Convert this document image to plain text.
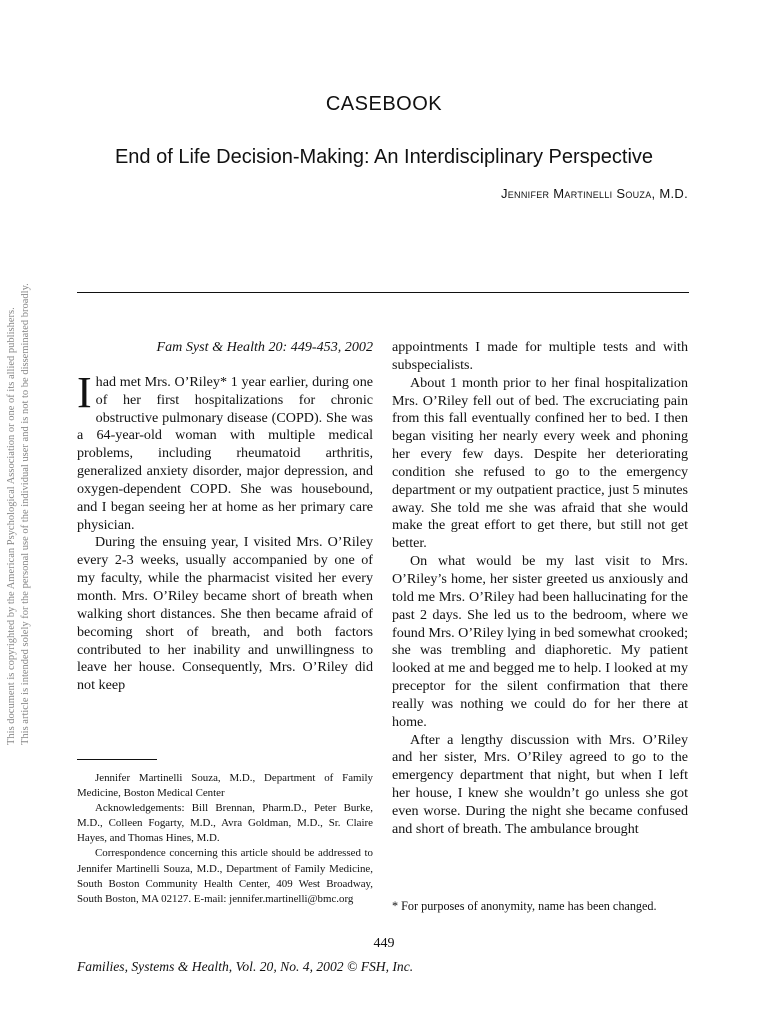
This document is copyrighted by the American Psychological Association or one of its allied publishers. This article is intended solely for the personal use of the individual user and is not to be disseminated broadly.
CASEBOOK
End of Life Decision-Making: An Interdisciplinary Perspective
Jennifer Martinelli Souza, M.D.
Fam Syst & Health 20: 449-453, 2002

Ihad met Mrs. O’Riley* 1 year earlier, during one of her first hospitalizations for chronic obstructive pulmonary disease (COPD). She was a 64-year-old woman with multiple medical problems, including rheumatoid arthritis, generalized anxiety disorder, major depression, and oxygen-dependent COPD. She was housebound, and I began seeing her at home as her primary care physician.

During the ensuing year, I visited Mrs. O’Riley every 2-3 weeks, usually accompanied by one of my faculty, while the pharmacist visited her every month. Mrs. O’Riley became short of breath when walking short distances. She then became afraid of becoming short of breath, and both factors contributed to her inability and unwillingness to leave her house. Consequently, Mrs. O’Riley did not keep

appointments I made for multiple tests and with subspecialists.

About 1 month prior to her final hospitalization Mrs. O’Riley fell out of bed. The excruciating pain from this fall eventually confined her to bed. I then began visiting her nearly every week and phoning her every few days. Despite her deteriorating condition she refused to go to the emergency department or my outpatient practice, just 5 minutes away. She told me she was afraid that she would make the great effort to get there, but still not get better.

On what would be my last visit to Mrs. O’Riley’s home, her sister greeted us anxiously and told me Mrs. O’Riley had been hallucinating for the past 2 days. She led us to the bedroom, where we found Mrs. O’Riley lying in bed somewhat crooked; she was trembling and diaphoretic. My patient looked at me and begged me to help. I looked at my preceptor for the silent confirmation that there really was nothing we could do for her there at home.

After a lengthy discussion with Mrs. O’Riley and her sister, Mrs. O’Riley agreed to go to the emergency department that night, but when I left her house, I knew she wouldn’t go unless she got even worse. During the night she became confused and short of breath. The ambulance brought

Jennifer Martinelli Souza, M.D., Department of Family Medicine, Boston Medical Center

Acknowledgements: Bill Brennan, Pharm.D., Peter Burke, M.D., Colleen Fogarty, M.D., Avra Goldman, M.D., Sr. Claire Hayes, and Thomas Hines, M.D.

Correspondence concerning this article should be addressed to Jennifer Martinelli Souza, M.D., Department of Family Medicine, South Boston Community Health Center, 409 West Broadway, South Boston, MA 02127. E-mail: jennifer.martinelli@bmc.org

* For purposes of anonymity, name has been changed.

449
Families, Systems & Health, Vol. 20, No. 4, 2002 © FSH, Inc.
